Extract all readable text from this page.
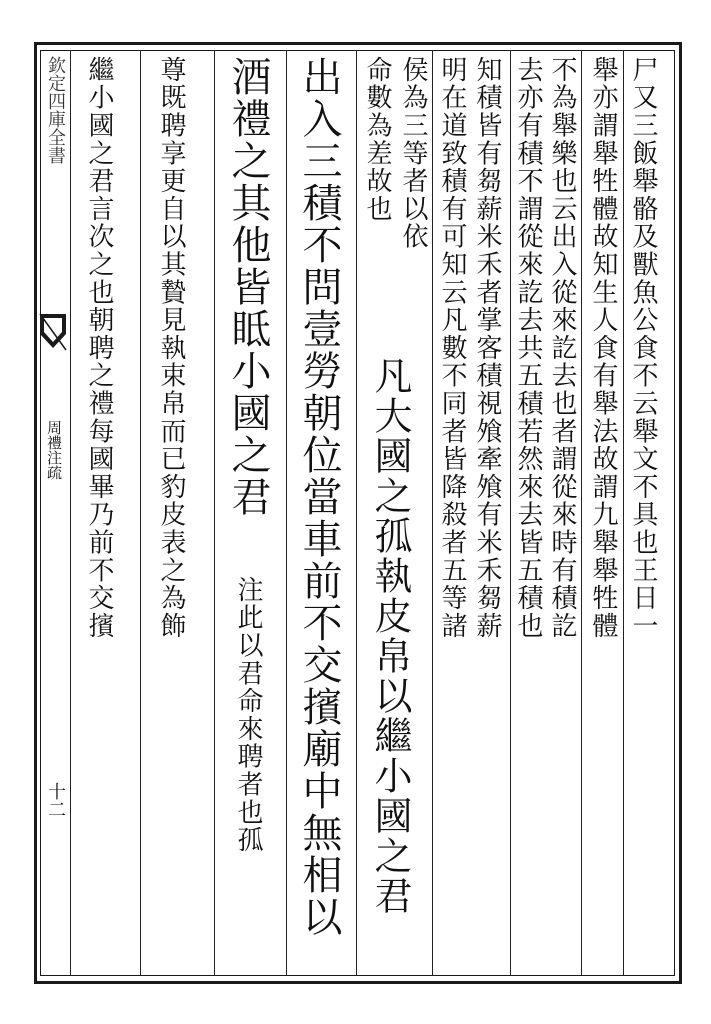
欽定四庫全書
周禮注疏
十二
尸又三飯舉骼及獸魚公食不云舉文不具也王日一
舉亦謂舉牲體故知生人食有舉法故謂九舉舉牲體
不為舉樂也云出入從來訖去也者謂從來時有積訖
去亦有積不謂從來訖去共五積若然來去皆五積也
知積皆有芻薪米禾者掌客積視飧牽飧有米禾芻薪
明在道致積有可知云凡數不同者皆降殺者五等諸
侯為三等者以依
凡大國之孤執皮帛以繼小國之君
命數為差故也
出入三積不問壹勞朝位當車前不交擯廟中無相以
酒禮之其他皆眡小國之君
注此以君命來聘者也孤
尊既聘享更自以其贄見執束帛而已豹皮表之為飾
繼小國之君言次之也朝聘之禮每國畢乃前不交擯
